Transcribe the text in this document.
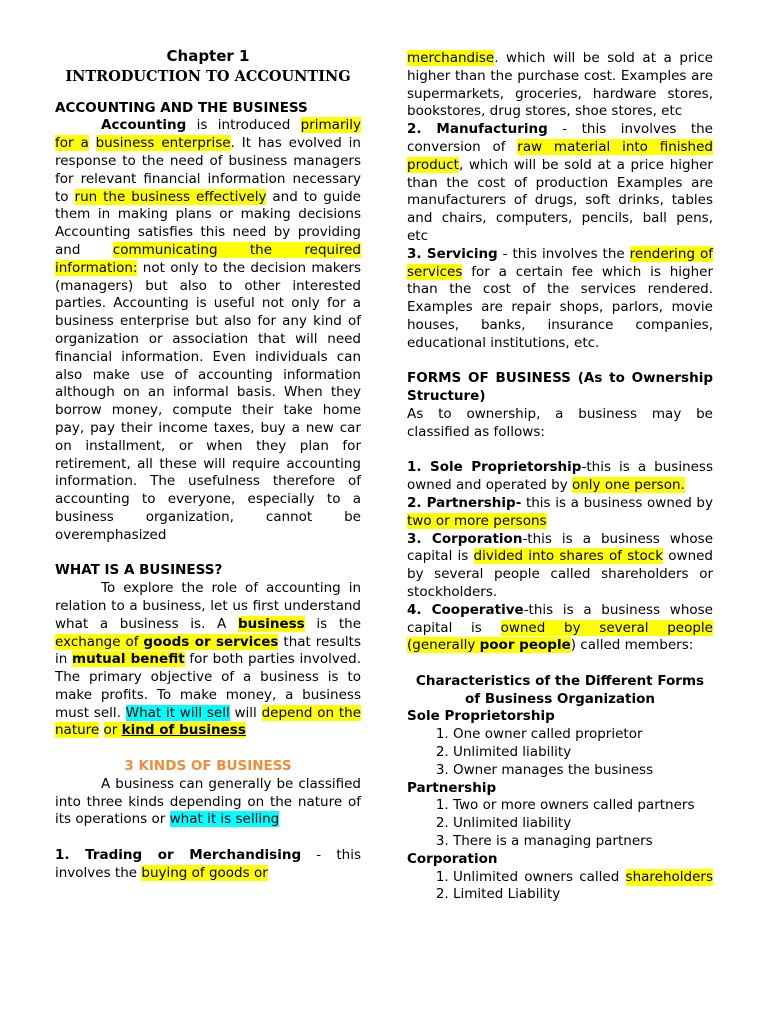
Chapter 1
INTRODUCTION TO ACCOUNTING
ACCOUNTING AND THE BUSINESS

Accounting is introduced primarily for a business enterprise. It has evolved in response to the need of business managers for relevant financial information necessary to run the business effectively and to guide them in making plans or making decisions Accounting satisfies this need by providing and communicating the required information: not only to the decision makers (managers) but also to other interested parties. Accounting is useful not only for a business enterprise but also for any kind of organization or association that will need financial information. Even individuals can also make use of accounting information although on an informal basis. When they borrow money, compute their take home pay, pay their income taxes, buy a new car on installment, or when they plan for retirement, all these will require accounting information. The usefulness therefore of accounting to everyone, especially to a business organization, cannot be overemphasized

WHAT IS A BUSINESS?

To explore the role of accounting in relation to a business, let us first understand what a business is. A business is the exchange of goods or services that results in mutual benefit for both parties involved. The primary objective of a business is to make profits. To make money, a business must sell. What it will sell will depend on the nature or kind of business

3 KINDS OF BUSINESS

A business can generally be classified into three kinds depending on the nature of its operations or what it is selling

1. Trading or Merchandising - this involves the buying of goods or

merchandise. which will be sold at a price higher than the purchase cost. Examples are supermarkets, groceries, hardware stores, bookstores, drug stores, shoe stores, etc

2. Manufacturing - this involves the conversion of raw material into finished product, which will be sold at a price higher than the cost of production Examples are manufacturers of drugs, soft drinks, tables and chairs, computers, pencils, ball pens, etc

3. Servicing - this involves the rendering of services for a certain fee which is higher than the cost of the services rendered. Examples are repair shops, parlors, movie houses, banks, insurance companies, educational institutions, etc.

FORMS OF BUSINESS (As to Ownership Structure)

As to ownership, a business may be classified as follows:

1. Sole Proprietorship-this is a business owned and operated by only one person.

2. Partnership- this is a business owned by two or more persons

3. Corporation-this is a business whose capital is divided into shares of stock owned by several people called shareholders or stockholders.

4. Cooperative-this is a business whose capital is owned by several people (generally poor people) called members:

Characteristics of the Different Forms of Business Organization

Sole Proprietorship

1. One owner called proprietor
2. Unlimited liability
3. Owner manages the business

Partnership

1. Two or more owners called partners
2. Unlimited liability
3. There is a managing partners

Corporation

1. Unlimited owners called shareholders
2. Limited Liability
